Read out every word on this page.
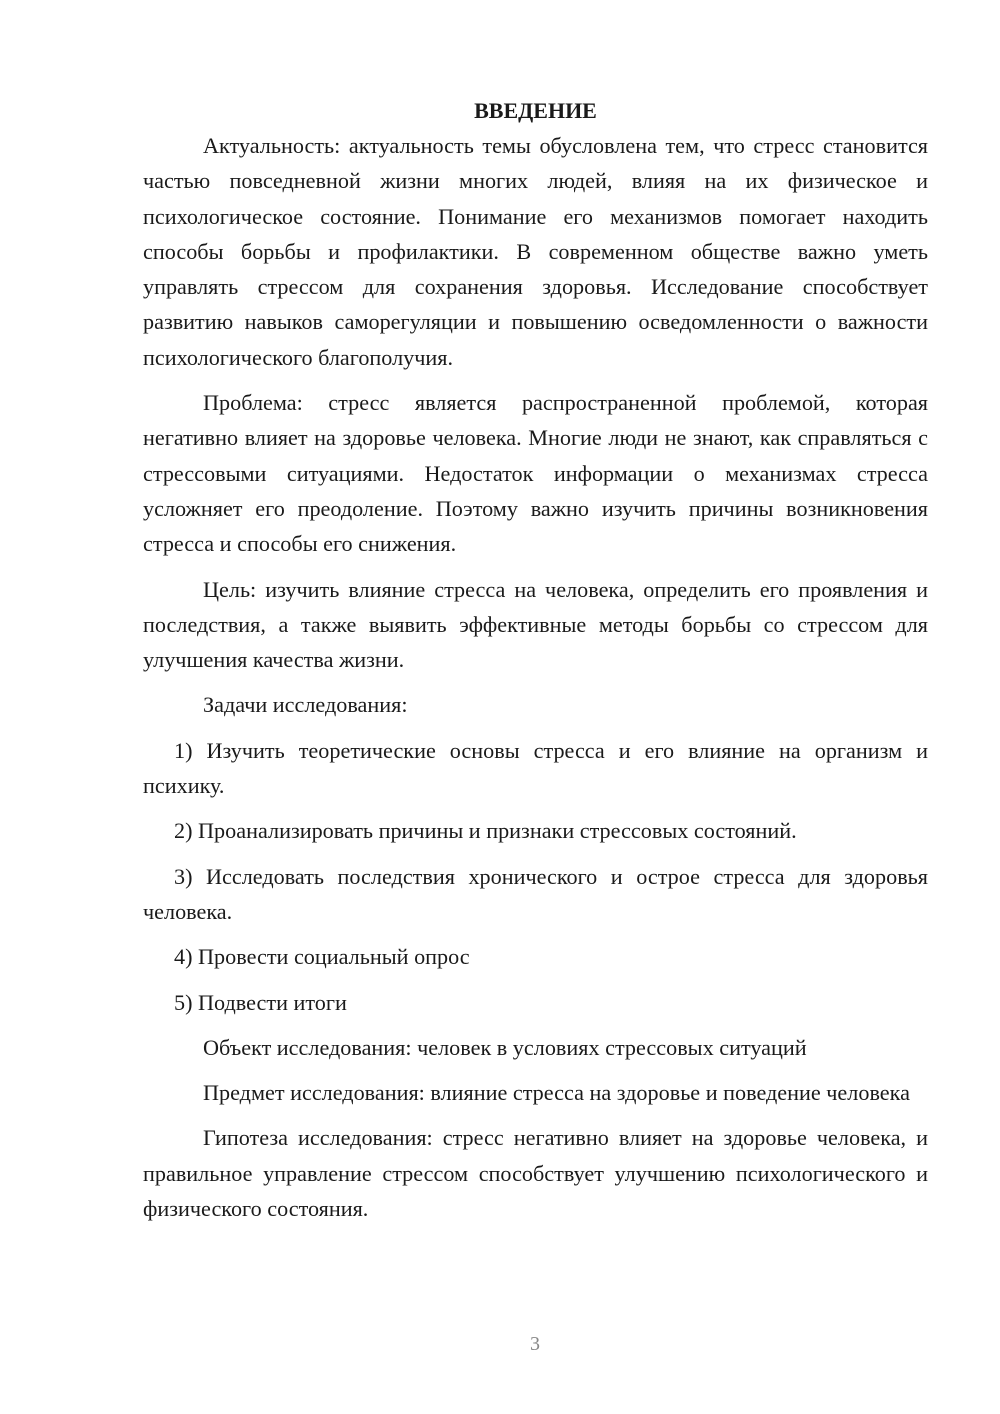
ВВЕДЕНИЕ

Актуальность: актуальность темы обусловлена тем, что стресс становится частью повседневной жизни многих людей, влияя на их физическое и психологическое состояние. Понимание его механизмов помогает находить способы борьбы и профилактики. В современном обществе важно уметь управлять стрессом для сохранения здоровья. Исследование способствует развитию навыков саморегуляции и повышению осведомленности о важности психологического благополучия.

Проблема: стресс является распространенной проблемой, которая негативно влияет на здоровье человека. Многие люди не знают, как справляться с стрессовыми ситуациями. Недостаток информации о механизмах стресса усложняет его преодоление. Поэтому важно изучить причины возникновения стресса и способы его снижения.

Цель: изучить влияние стресса на человека, определить его проявления и последствия, а также выявить эффективные методы борьбы со стрессом для улучшения качества жизни.

Задачи исследования:

1) Изучить теоретические основы стресса и его влияние на организм и психику.

2) Проанализировать причины и признаки стрессовых состояний.

3) Исследовать последствия хронического и острое стресса для здоровья человека.

4) Провести социальный опрос

5) Подвести итоги

Объект исследования: человек в условиях стрессовых ситуаций

Предмет исследования: влияние стресса на здоровье и поведение человека

Гипотеза исследования: стресс негативно влияет на здоровье человека, и правильное управление стрессом способствует улучшению психологического и физического состояния.

3
